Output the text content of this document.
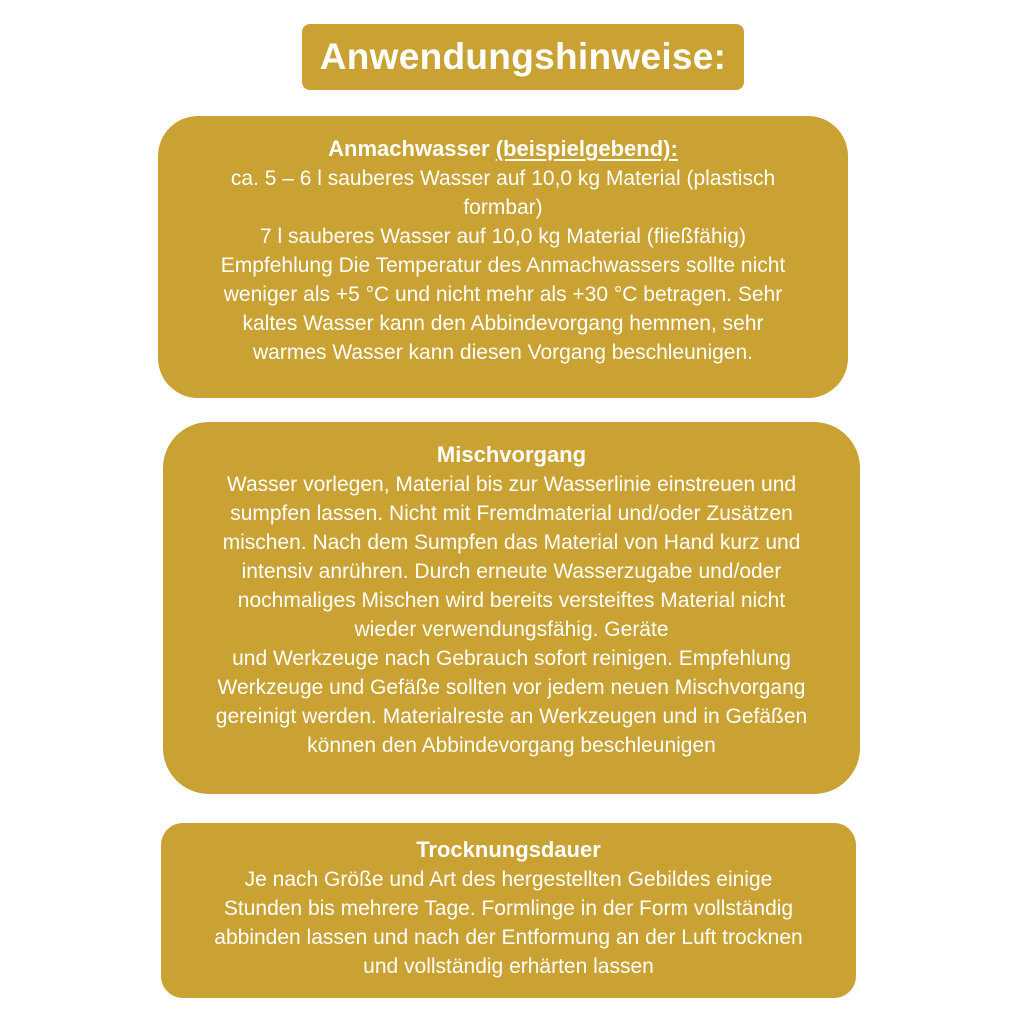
Anwendungshinweise:
Anmachwasser (beispielgebend):
ca. 5 – 6 l sauberes Wasser auf 10,0 kg Material (plastisch
formbar)
7 l sauberes Wasser auf 10,0 kg Material (fließfähig)
Empfehlung Die Temperatur des Anmachwassers sollte nicht
weniger als +5 °C und nicht mehr als +30 °C betragen. Sehr
kaltes Wasser kann den Abbindevorgang hemmen, sehr
warmes Wasser kann diesen Vorgang beschleunigen.
Mischvorgang
Wasser vorlegen, Material bis zur Wasserlinie einstreuen und
sumpfen lassen. Nicht mit Fremdmaterial und/oder Zusätzen
mischen. Nach dem Sumpfen das Material von Hand kurz und
intensiv anrühren. Durch erneute Wasserzugabe und/oder
nochmaliges Mischen wird bereits versteiftes Material nicht
wieder verwendungsfähig. Geräte
und Werkzeuge nach Gebrauch sofort reinigen. Empfehlung
Werkzeuge und Gefäße sollten vor jedem neuen Mischvorgang
gereinigt werden. Materialreste an Werkzeugen und in Gefäßen
können den Abbindevorgang beschleunigen
Trocknungsdauer
Je nach Größe und Art des hergestellten Gebildes einige
Stunden bis mehrere Tage. Formlinge in der Form vollständig
abbinden lassen und nach der Entformung an der Luft trocknen
und vollständig erhärten lassen
